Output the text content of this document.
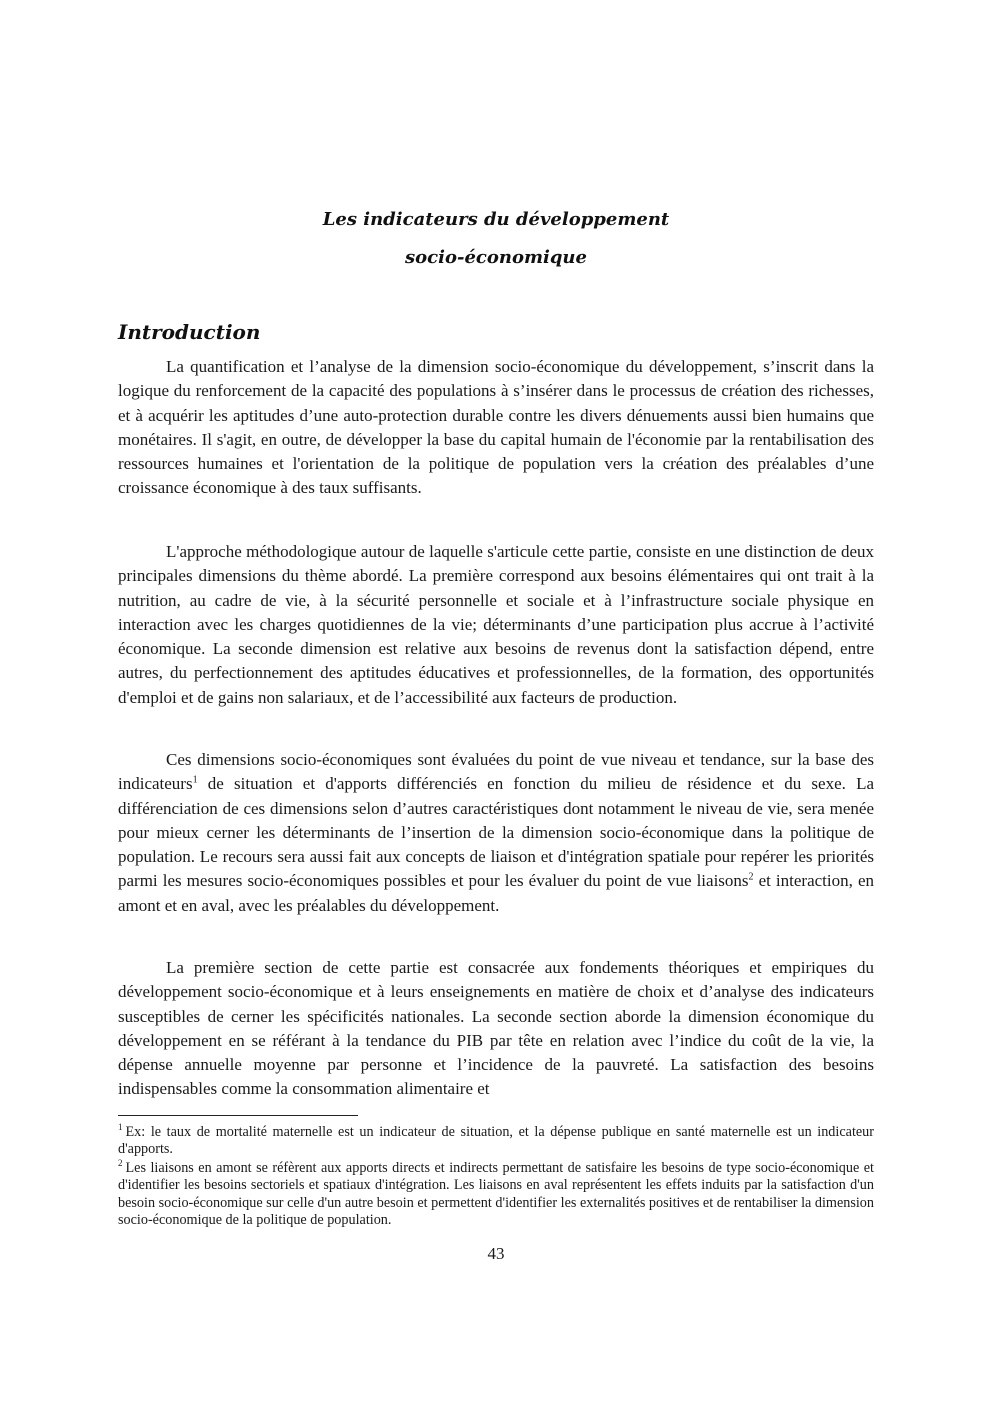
Les indicateurs du développement
socio-économique
Introduction

La quantification et l’analyse de la dimension socio-économique du développement, s’inscrit dans la logique du renforcement de la capacité des populations à s’insérer dans le processus de création des richesses, et à acquérir les aptitudes d’une auto-protection durable contre les divers dénuements aussi bien humains que monétaires. Il s'agit, en outre, de développer la base du capital humain de l'économie par la rentabilisation des ressources humaines et l'orientation de la politique de population vers la création des préalables d’une croissance économique à des taux suffisants.

L'approche méthodologique autour de laquelle s'articule cette partie, consiste en une distinction de deux principales dimensions du thème abordé. La première correspond aux besoins élémentaires qui ont trait à la nutrition, au cadre de vie, à la sécurité personnelle et sociale et à l’infrastructure sociale physique en interaction avec les charges quotidiennes de la vie; déterminants d’une participation plus accrue à l’activité économique. La seconde dimension est relative aux besoins de revenus dont la satisfaction dépend, entre autres, du perfectionnement des aptitudes éducatives et professionnelles, de la formation, des opportunités d'emploi et de gains non salariaux, et de l’accessibilité aux facteurs de production.

Ces dimensions socio-économiques sont évaluées du point de vue niveau et tendance, sur la base des indicateurs$^1$ de situation et d'apports différenciés en fonction du milieu de résidence et du sexe. La différenciation de ces dimensions selon d’autres caractéristiques dont notamment le niveau de vie, sera menée pour mieux cerner les déterminants de l’insertion de la dimension socio-économique dans la politique de population. Le recours sera aussi fait aux concepts de liaison et d'intégration spatiale pour repérer les priorités parmi les mesures socio-économiques possibles et pour les évaluer du point de vue liaisons$^2$ et interaction, en amont et en aval, avec les préalables du développement.

La première section de cette partie est consacrée aux fondements théoriques et empiriques du développement socio-économique et à leurs enseignements en matière de choix et d’analyse des indicateurs susceptibles de cerner les spécificités nationales. La seconde section aborde la dimension économique du développement en se référant à la tendance du PIB par tête en relation avec l’indice du coût de la vie, la dépense annuelle moyenne par personne et l’incidence de la pauvreté. La satisfaction des besoins indispensables comme la consommation alimentaire et

$^1$ Ex: le taux de mortalité maternelle est un indicateur de situation, et la dépense publique en santé maternelle est un indicateur d'apports.

$^2$ Les liaisons en amont se réfèrent aux apports directs et indirects permettant de satisfaire les besoins de type socio-économique et d'identifier les besoins sectoriels et spatiaux d'intégration. Les liaisons en aval représentent les effets induits par la satisfaction d'un besoin socio-économique sur celle d'un autre besoin et permettent d'identifier les externalités positives et de rentabiliser la dimension socio-économique de la politique de population.

43
